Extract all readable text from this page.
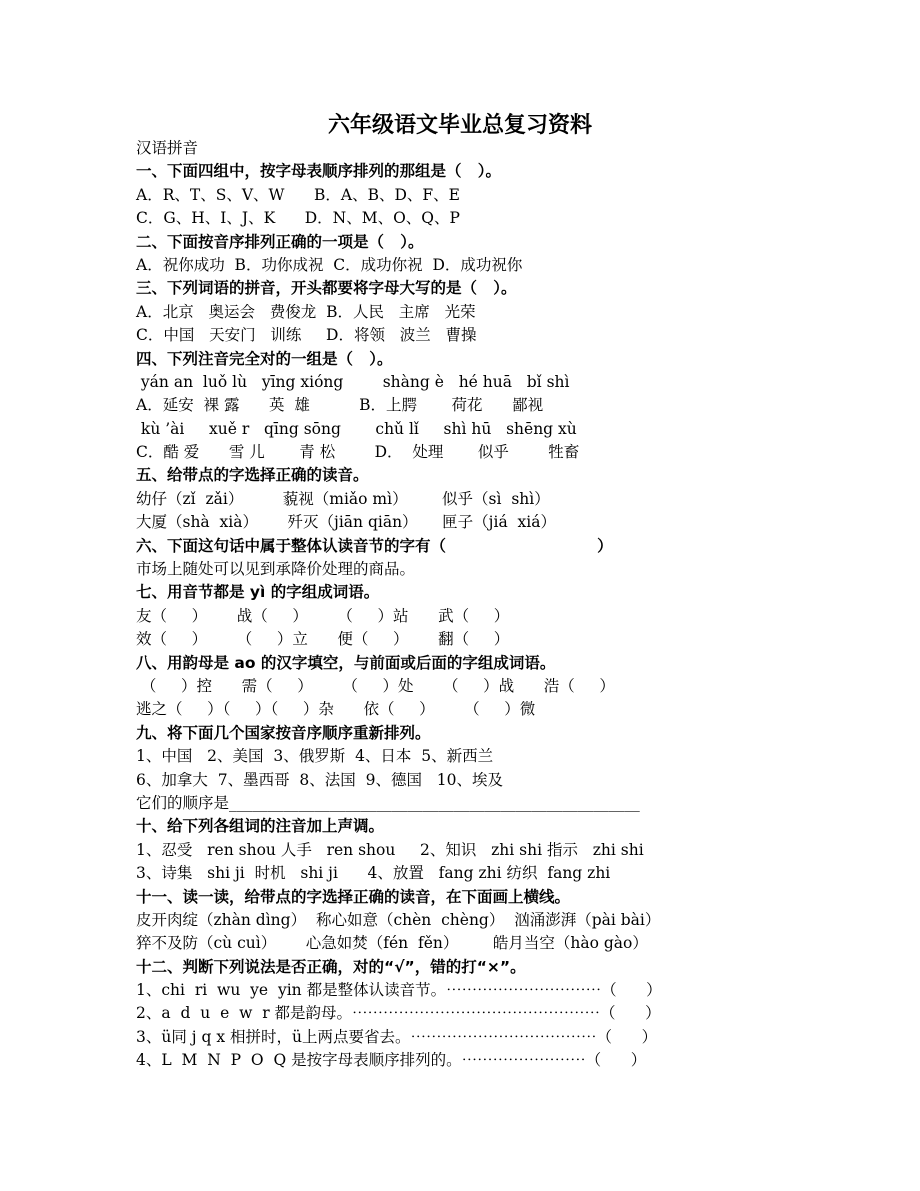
六年级语文毕业总复习资料
汉语拼音
一、下面四组中，按字母表顺序排列的那组是（   ）。
A．R、T、S、V、W      B．A、B、D、F、E
C．G、H、I、J、K      D．N、M、O、Q、P
二、下面按音序排列正确的一项是（   ）。
A．祝你成功  B．功你成祝  C．成功你祝  D．成功祝你
三、下列词语的拼音，开头都要将字母大写的是（   ）。
A．北京   奥运会   费俊龙  B．人民   主席   光荣
C．中国   天安门   训练     D．将领   波兰   曹操
四、下列注音完全对的一组是（   ）。
yán an  luǒ lù   yīng xióng        shàng è   hé huā   bǐ shì
A．延安  裸 露      英  雄          B．上腭       荷花      鄙视
kù ’ài     xuě r   qīng sōng       chǔ lǐ     shì hū   shēng xù
C．酷 爱      雪 儿       青 松        D．  处理       似乎        牲畜
五、给带点的字选择正确的读音。
幼仔（zǐ  zǎi）        藐视（miǎo mì）       似乎（sì  shì）
大厦（shà  xià）      歼灭（jiān qiān）     匣子（jiá  xiá）
六、下面这句话中属于整体认读音节的字有（                            ）
市场上随处可以见到承降价处理的商品。
七、用音节都是 yì 的字组成词语。
友（     ）      战（     ）      （     ）站      武（     ）
效（     ）      （     ）立      便（     ）      翻（     ）
八、用韵母是 ao 的汉字填空，与前面或后面的字组成词语。
（     ）控      需（     ）      （     ）处      （     ）战      浩（     ）
逃之（     ）（     ）（     ）杂      依（     ）      （     ）微
九、将下面几个国家按音序顺序重新排列。
1、中国   2、美国  3、俄罗斯  4、日本  5、新西兰
6、加拿大  7、墨西哥  8、法国  9、德国   10、埃及
它们的顺序是_____________________________________________________
十、给下列各组词的注音加上声调。
1、忍受   ren shou 人手   ren shou     2、知识   zhi shi 指示   zhi shi
3、诗集   shi ji  时机   shi ji      4、放置   fang zhi 纺织  fang zhi
十一、读一读，给带点的字选择正确的读音，在下面画上横线。
皮开肉绽（zhàn dìng）  称心如意（chèn  chèng）  汹涌澎湃（pài bài）
猝不及防（cù cuì）      心急如焚（fén  fěn）       皓月当空（hào gào）
十二、判断下列说法是否正确，对的“√”，错的打“×”。
1、chi  ri  wu  ye  yin 都是整体认读音节。⋯⋯⋯⋯⋯⋯⋯⋯⋯⋯（      ）
2、a  d  u  e  w  r 都是韵母。⋯⋯⋯⋯⋯⋯⋯⋯⋯⋯⋯⋯⋯⋯⋯⋯（      ）
3、ü同 j q x 相拼时，ü上两点要省去。⋯⋯⋯⋯⋯⋯⋯⋯⋯⋯⋯⋯（      ）
4、L  M  N  P  O  Q 是按字母表顺序排列的。⋯⋯⋯⋯⋯⋯⋯⋯（      ）
